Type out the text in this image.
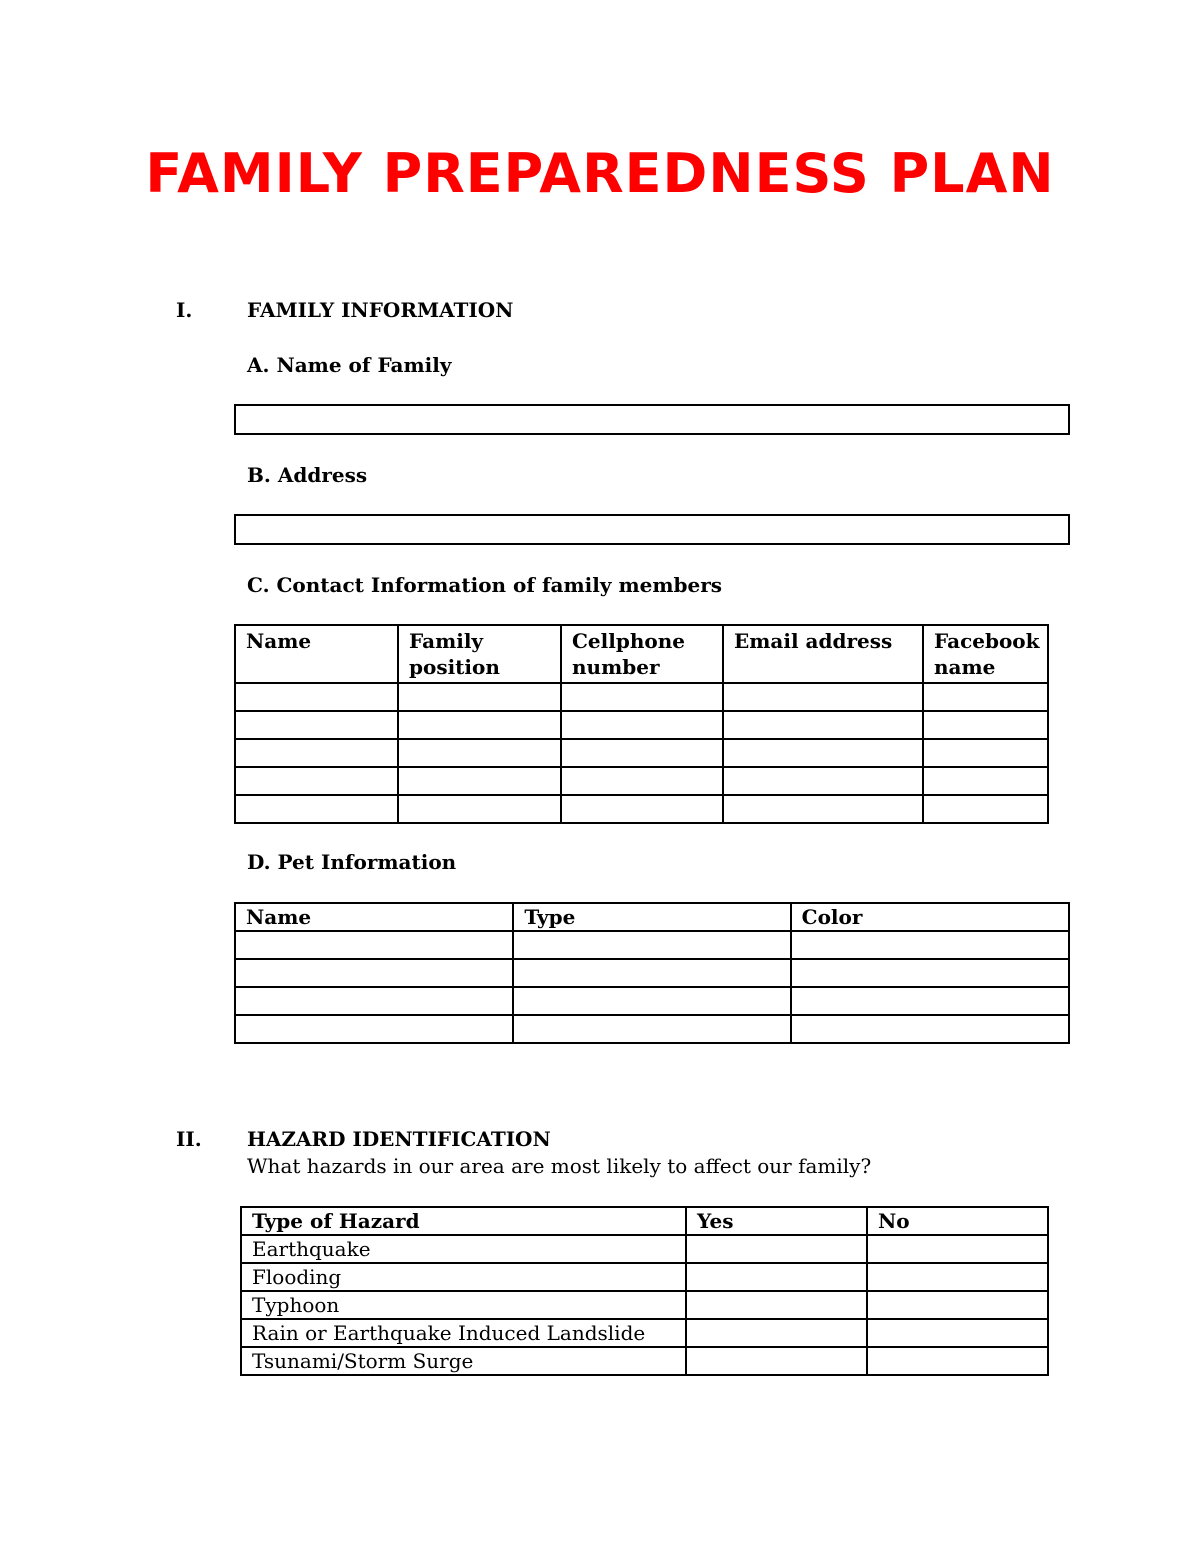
FAMILY PREPAREDNESS PLAN
I.	FAMILY INFORMATION
A. Name of Family
B. Address
C. Contact Information of family members
Name	Family position	Cellphone number	Email address	Facebook name

D. Pet Information
Name	Type	Color

II. HAZARD IDENTIFICATION
What hazards in our area are most likely to affect our family?
Type of Hazard	Yes	No
Earthquake		
Flooding		
Typhoon		
Rain or Earthquake Induced Landslide		
Tsunami/Storm Surge		
